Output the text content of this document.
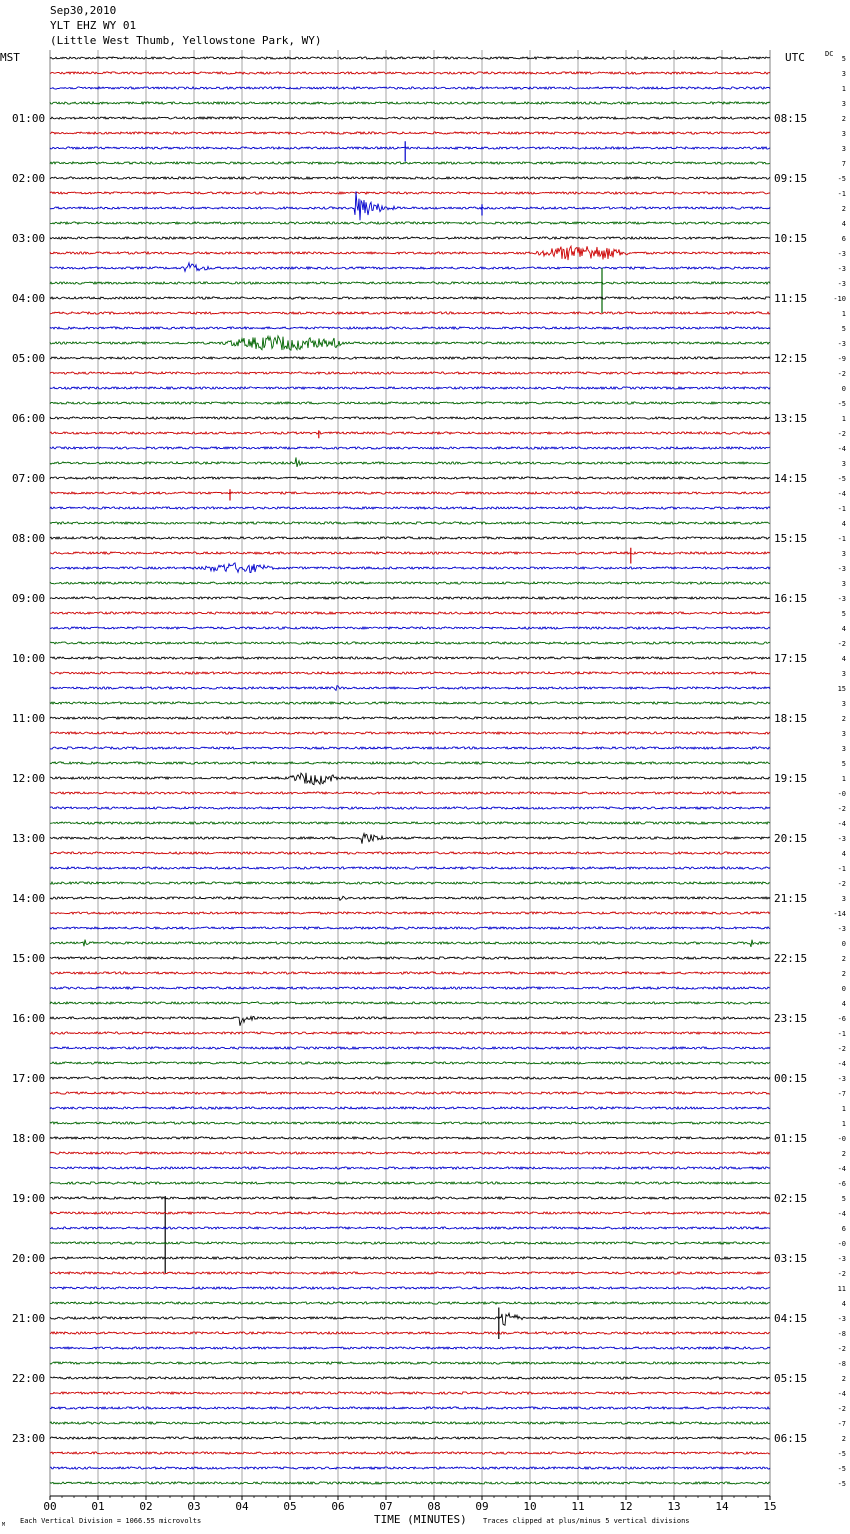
Sep30,2010
YLT EHZ WY 01
(Little West Thumb, Yellowstone Park, WY)
01:00
02:00
03:00
04:00
05:00
06:00
07:00
08:00
09:00
10:00
11:00
12:00
13:00
14:00
15:00
16:00
17:00
18:00
19:00
20:00
21:00
22:00
23:00
08:15
09:15
10:15
11:15
12:15
13:15
14:15
15:15
16:15
17:15
18:15
19:15
20:15
21:15
22:15
23:15
00:15
01:15
02:15
03:15
04:15
05:15
06:15
5
3
1
3
2
3
3
7
-5
-1
2
4
6
-3
-3
-3
-10
1
5
-3
-9
-2
0
-5
1
-2
-4
3
-5
-4
-1
4
-1
3
-3
3
-3
5
4
-2
4
3
15
3
2
3
3
5
1
-0
-2
-4
-3
4
-1
-2
3
-14
-3
0
2
2
0
4
-6
-1
-2
-4
-3
-7
1
1
-0
2
-4
-6
5
-4
6
-0
-3
-2
11
4
-3
-8
-2
-8
2
-4
-2
-7
2
-5
-5
-5
00	01	02	03	04	05	06	07	08	09	10	11	12	13	14	15
MST	UTC	DC
TIME (MINUTES)
Each Vertical Division = 1066.55 microvolts	Traces clipped at plus/minus 5 vertical divisions
M
